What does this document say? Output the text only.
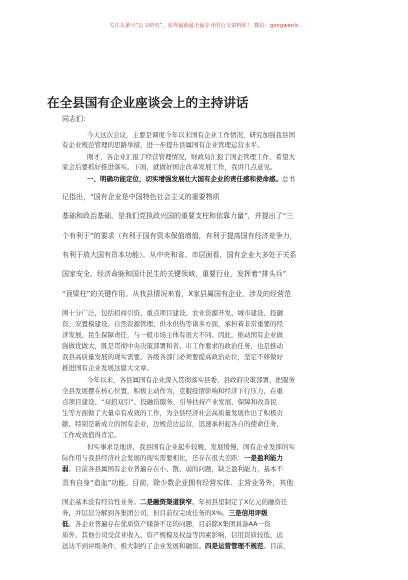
关注头条号“公文研究”，获得最新最全最专业的公文资料库！ 微信：gongwenlc
在全县国有企业座谈会上的主持讲话
同志们：
今天这次会议，主要是调度今年以来国有企业工作情况，研究加强我县国
有企业规范管理的思路举措，进一步提升县属国有企业管理运营水平。
刚才，各企业汇报了经营管理情况，财政局汇报了国企管理工作，希望大
家会后要抓好推进落实。下面，就做好国企改革发展工作，我讲几点意见。
一、明确功能定位，切实增强发展壮大国有企业的责任感和使命感。总书
记指出，“国有企业是中国特色社会主义的重要物质
基础和政治基础，是我们党执政兴国的重要支柱和依靠力量”，并提出了“三
个有利于”的要求（有利于国有资本保值增值，有利于提高国有经济竞争力，
有利于放大国有资本功能）。从中央和省、市层面看，国有企业大多处于关系
国家安全、经济命脉和国计民生的关键领域，重要行业，发挥着“排头兵”
“顶梁柱”的关键作用。从我县情况来看，X家县属国有企业，涉及的经营范
围十分广泛，包括招商引资、重点项目建设、农业资源开发、城市建设、投融
资、安置模建设、自然资源管理、供水供热等诸多方面，承担着非常重要的经
济发展、民生保障责任，与一般市场主体有很大不同。因此，推动国有企业做
强做优做大，既是贯彻中央决策部署和省、市工作要求的政治任务，也是推动
我县高质量发展的现实需要。各级各部门必须要提高政治站位，坚定不移做好
推进国有企业发展这篇大文章。
今年以来，各县属国有企业深入贯彻落实县委、县政府决策部署，把服务
全县发展摆在核心位置，积极主动作为，克服疫情影响和经济下行压力，在重
点项目建设、“双招双引”、投融资服务、引导扶持产业发展、保障和改善民
生等方面做了大量卓有成效的工作，为全县经济社会高质量发展作出了积极贡
献。特别是新成立的国有企业，边规范边运营，迅速承担起各自的使命任务，
工作成效值得肯定。
但实事求是地讲，我县国有企业起步较晚、发展缓慢，国有企业发挥的实
际作用与我县经济社会发展的现实需要相比，还存在很大差距：一是盈利能力
弱。目前各县属国有企业普遍存在小、散、弱的问题，缺乏盈利能力，基本不
具有自身“造血”功能。目前，除少数企业拥有经营实体、主营业务外，其他
国企基本没有经营性业务。二是融资渠道狭窄。年初县里制定了X亿元的融资任
务，并层层分解到各集团公司，但目前仅完成任务的X%。三是信用评级
低。各企业普遍存在优质资产储备不足的问题，目前除X集团具备AA一资
质外，其他公司受营业收入、资产规模及权益等因素影响，信用资质较低，远
远达不到评级条件，极大制约了企业发展和融资。四是运营管理不规范。目前，
